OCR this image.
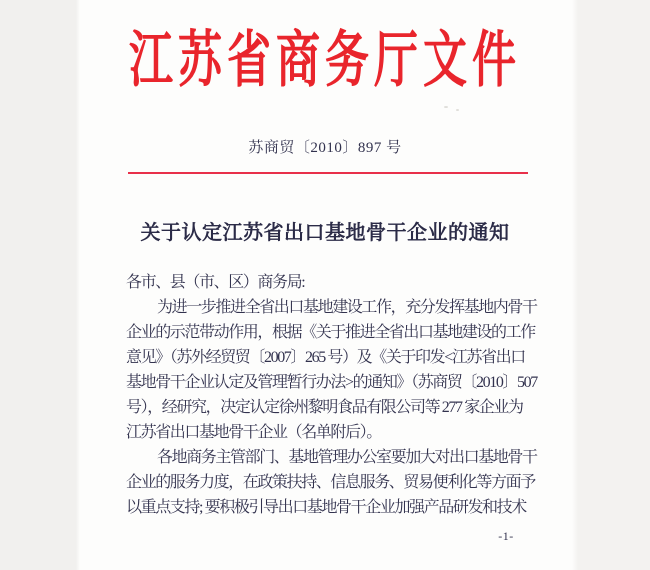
江苏省商务厅文件
苏商贸〔2010〕897 号
关于认定江苏省出口基地骨干企业的通知
各市、县（市、区）商务局:
为进一步推进全省出口基地建设工作，充分发挥基地内骨干
企业的示范带动作用，根据《关于推进全省出口基地建设的工作
意见》（苏外经贸贸〔2007〕265 号）及《关于印发<江苏省出口
基地骨干企业认定及管理暂行办法>的通知》（苏商贸〔2010〕507
号），经研究，决定认定徐州黎明食品有限公司等 277 家企业为
江苏省出口基地骨干企业（名单附后）。
各地商务主管部门、基地管理办公室要加大对出口基地骨干
企业的服务力度，在政策扶持、信息服务、贸易便利化等方面予
以重点支持; 要积极引导出口基地骨干企业加强产品研发和技术
-1-
